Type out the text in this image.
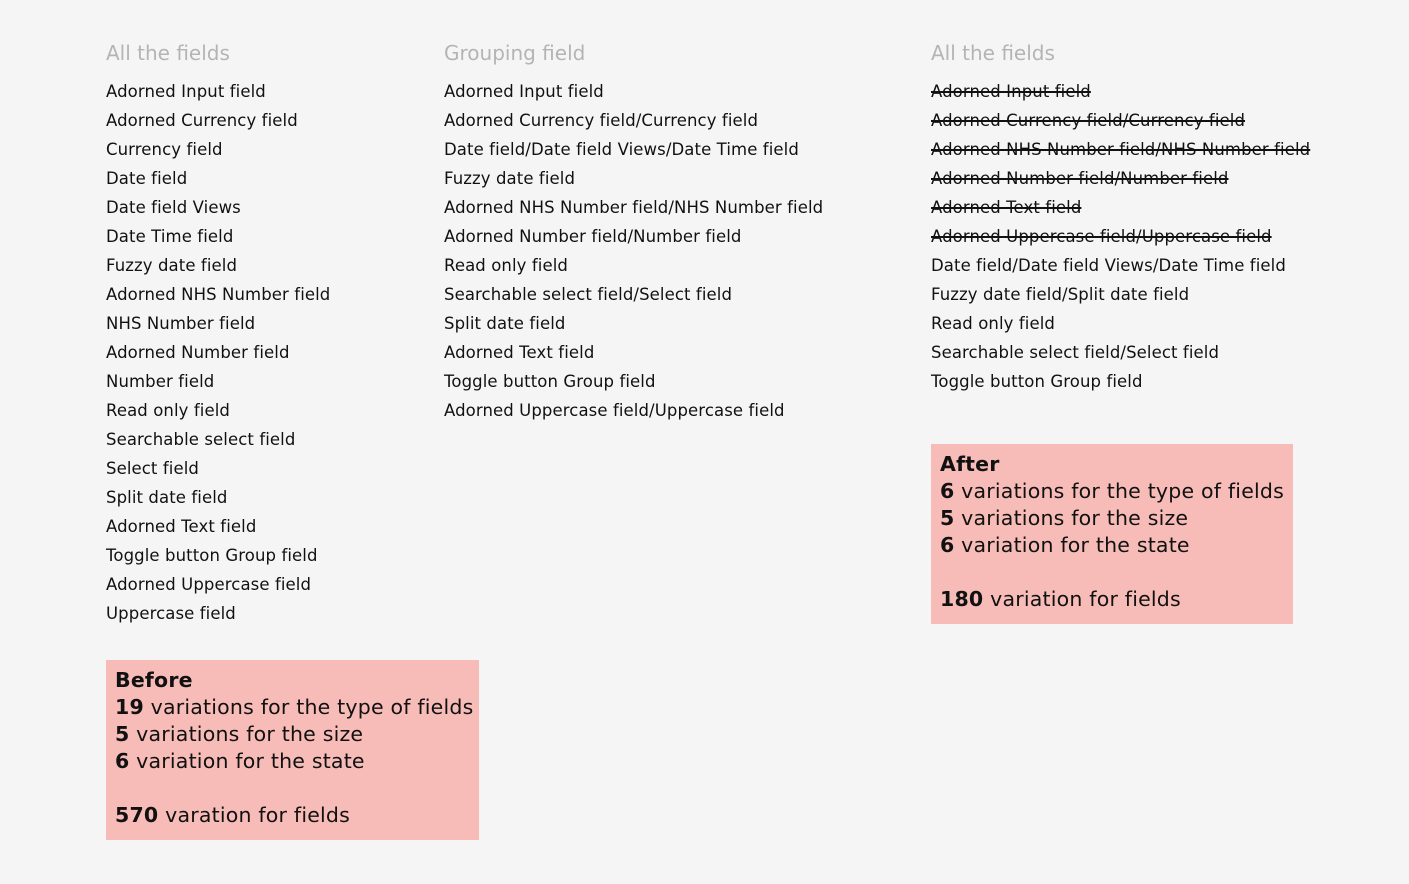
All the fields
Adorned Input field
Adorned Currency field
Currency field
Date field
Date field Views
Date Time field
Fuzzy date field
Adorned NHS Number field
NHS Number field
Adorned Number field
Number field
Read only field
Searchable select field
Select field
Split date field
Adorned Text field
Toggle button Group field
Adorned Uppercase field
Uppercase field
Grouping field
Adorned Input field
Adorned Currency field/Currency field
Date field/Date field Views/Date Time field
Fuzzy date field
Adorned NHS Number field/NHS Number field
Adorned Number field/Number field
Read only field
Searchable select field/Select field
Split date field
Adorned Text field
Toggle button Group field
Adorned Uppercase field/Uppercase field
All the fields
Adorned Input field
Adorned Currency field/Currency field
Adorned NHS Number field/NHS Number field
Adorned Number field/Number field
Adorned Text field
Adorned Uppercase field/Uppercase field
Date field/Date field Views/Date Time field
Fuzzy date field/Split date field
Read only field
Searchable select field/Select field
Toggle button Group field
Before
19 variations for the type of fields
5 variations for the size
6 variation for the state
570 varation for fields
After
6 variations for the type of fields
5 variations for the size
6 variation for the state
180 variation for fields
